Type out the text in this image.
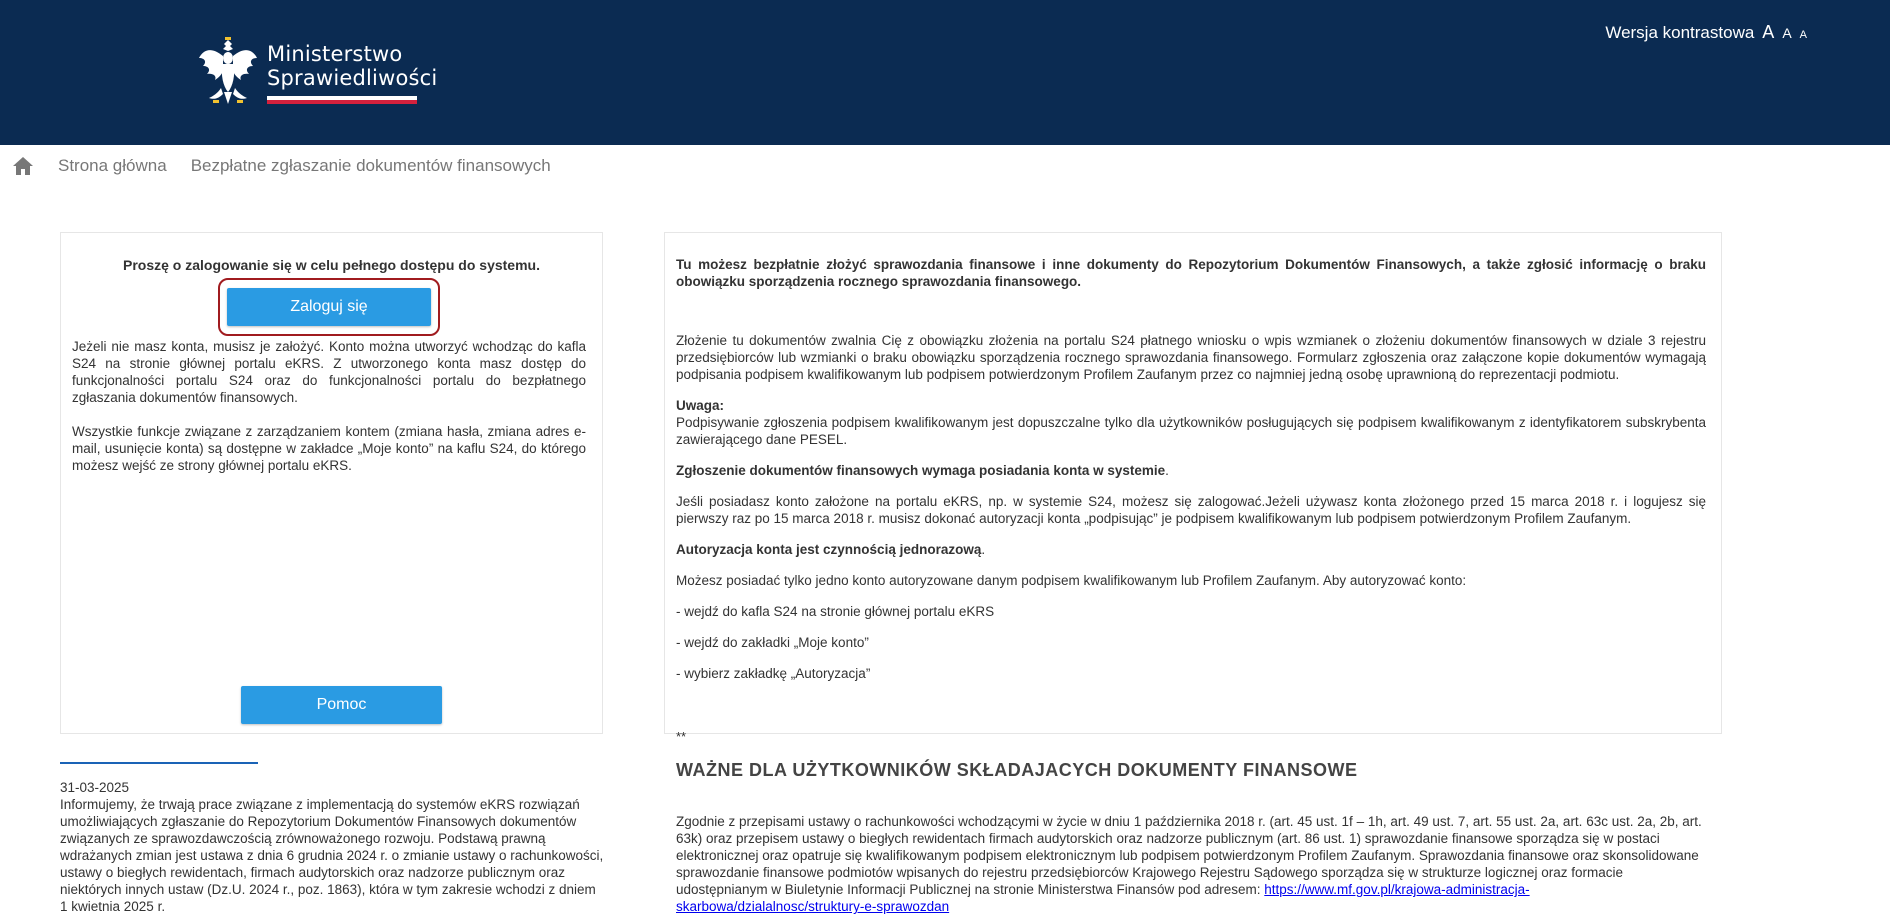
Ministerstwo
Sprawiedliwości
Wersja kontrastowa A A A
Strona główna Bezpłatne zgłaszanie dokumentów finansowych
Proszę o zalogowanie się w celu pełnego dostępu do systemu.
Zaloguj się

Jeżeli nie masz konta, musisz je założyć. Konto można utworzyć wchodząc do kafla S24 na stronie głównej portalu eKRS. Z utworzonego konta masz dostęp do funkcjonalności portalu S24 oraz do funkcjonalności portalu do bezpłatnego zgłaszania dokumentów finansowych.

Wszystkie funkcje związane z zarządzaniem kontem (zmiana hasła, zmiana adres e-mail, usunięcie konta) są dostępne w zakładce „Moje konto” na kaflu S24, do którego możesz wejść ze strony głównej portalu eKRS.

Pomoc
31-03-2025
Informujemy, że trwają prace związane z implementacją do systemów eKRS rozwiązań umożliwiających zgłaszanie do Repozytorium Dokumentów Finansowych dokumentów związanych ze sprawozdawczością zrównoważonego rozwoju. Podstawą prawną wdrażanych zmian jest ustawa z dnia 6 grudnia 2024 r. o zmianie ustawy o rachunkowości, ustawy o biegłych rewidentach, firmach audytorskich oraz nadzorze publicznym oraz niektórych innych ustaw (Dz.U. 2024 r., poz. 1863), która w tym zakresie wchodzi z dniem 1 kwietnia 2025 r.

Tu możesz bezpłatnie złożyć sprawozdania finansowe i inne dokumenty do Repozytorium Dokumentów Finansowych, a także zgłosić informację o braku obowiązku sporządzenia rocznego sprawozdania finansowego.

Złożenie tu dokumentów zwalnia Cię z obowiązku złożenia na portalu S24 płatnego wniosku o wpis wzmianek o złożeniu dokumentów finansowych w dziale 3 rejestru przedsiębiorców lub wzmianki o braku obowiązku sporządzenia rocznego sprawozdania finansowego. Formularz zgłoszenia oraz załączone kopie dokumentów wymagają podpisania podpisem kwalifikowanym lub podpisem potwierdzonym Profilem Zaufanym przez co najmniej jedną osobę uprawnioną do reprezentacji podmiotu.

Uwaga:

Podpisywanie zgłoszenia podpisem kwalifikowanym jest dopuszczalne tylko dla użytkowników posługujących się podpisem kwalifikowanym z identyfikatorem subskrybenta zawierającego dane PESEL.

Zgłoszenie dokumentów finansowych wymaga posiadania konta w systemie.

Jeśli posiadasz konto założone na portalu eKRS, np. w systemie S24, możesz się zalogować.Jeżeli używasz konta złożonego przed 15 marca 2018 r. i logujesz się pierwszy raz po 15 marca 2018 r. musisz dokonać autoryzacji konta „podpisując” je podpisem kwalifikowanym lub podpisem potwierdzonym Profilem Zaufanym.

Autoryzacja konta jest czynnością jednorazową.

Możesz posiadać tylko jedno konto autoryzowane danym podpisem kwalifikowanym lub Profilem Zaufanym. Aby autoryzować konto:

- wejdź do kafla S24 na stronie głównej portalu eKRS

- wejdź do zakładki „Moje konto”

- wybierz zakładkę „Autoryzacja”

**
WAŻNE DLA UŻYTKOWNIKÓW SKŁADAJACYCH DOKUMENTY FINANSOWE
Zgodnie z przepisami ustawy o rachunkowości wchodzącymi w życie w dniu 1 października 2018 r. (art. 45 ust. 1f – 1h, art. 49 ust. 7, art. 55 ust. 2a, art. 63c ust. 2a, 2b, art. 63k) oraz przepisem ustawy o biegłych rewidentach firmach audytorskich oraz nadzorze publicznym (art. 86 ust. 1) sprawozdanie finansowe sporządza się w postaci elektronicznej oraz opatruje się kwalifikowanym podpisem elektronicznym lub podpisem potwierdzonym Profilem Zaufanym. Sprawozdania finansowe oraz skonsolidowane sprawozdanie finansowe podmiotów wpisanych do rejestru przedsiębiorców Krajowego Rejestru Sądowego sporządza się w strukturze logicznej oraz formacie udostępnianym w Biuletynie Informacji Publicznej na stronie Ministerstwa Finansów pod adresem: https://www.mf.gov.pl/krajowa-administracja-skarbowa/dzialalnosc/struktury-e-sprawozdan
